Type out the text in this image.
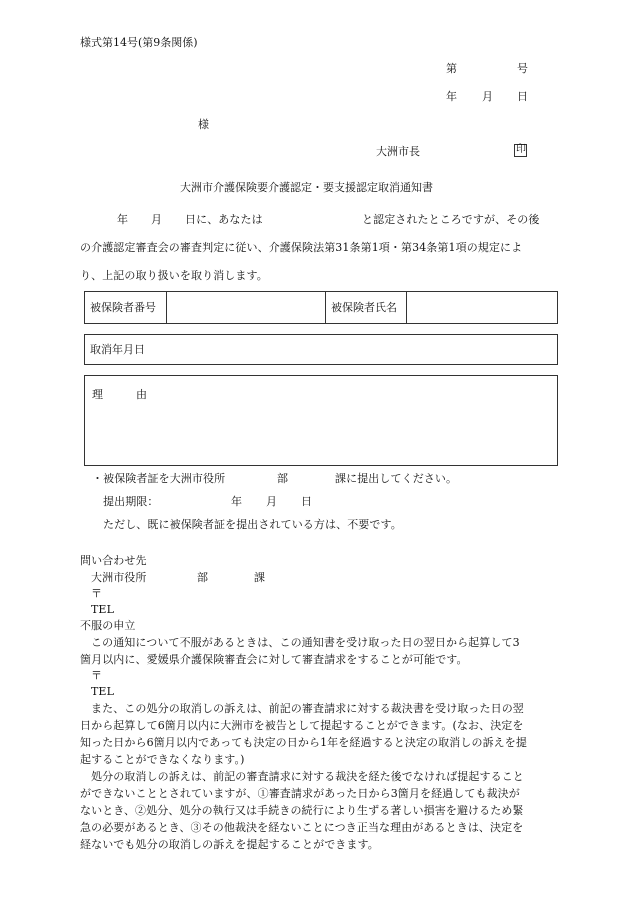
様式第14号(第9条関係)
第	号
年 月 日
様
大洲市長	印
大洲市介護保険要介護認定・要支援認定取消通知書
年 月 日に、あなたは	と認定されたところですが、その後
の介護認定審査会の審査判定に従い、介護保険法第31条第1項・第34条第1項の規定によ
り、上記の取り扱いを取り消します。
被保険者番号	被保険者氏名
取消年月日
理　　　由
・被保険者証を大洲市役所	部	課に提出してください。
提出期限：	年 月 日
ただし、既に被保険者証を提出されている方は、不要です。
問い合わせ先
大洲市役所	部	課
〒
TEL
不服の申立
この通知について不服があるときは、この通知書を受け取った日の翌日から起算して3
箇月以内に、愛媛県介護保険審査会に対して審査請求をすることが可能です。
〒
TEL
また、この処分の取消しの訴えは、前記の審査請求に対する裁決書を受け取った日の翌
日から起算して6箇月以内に大洲市を被告として提起することができます。(なお、決定を
知った日から6箇月以内であっても決定の日から1年を経過すると決定の取消しの訴えを提
起することができなくなります。)
処分の取消しの訴えは、前記の審査請求に対する裁決を経た後でなければ提起すること
ができないこととされていますが、①審査請求があった日から3箇月を経過しても裁決が
ないとき、②処分、処分の執行又は手続きの続行により生ずる著しい損害を避けるため緊
急の必要があるとき、③その他裁決を経ないことにつき正当な理由があるときは、決定を
経ないでも処分の取消しの訴えを提起することができます。
